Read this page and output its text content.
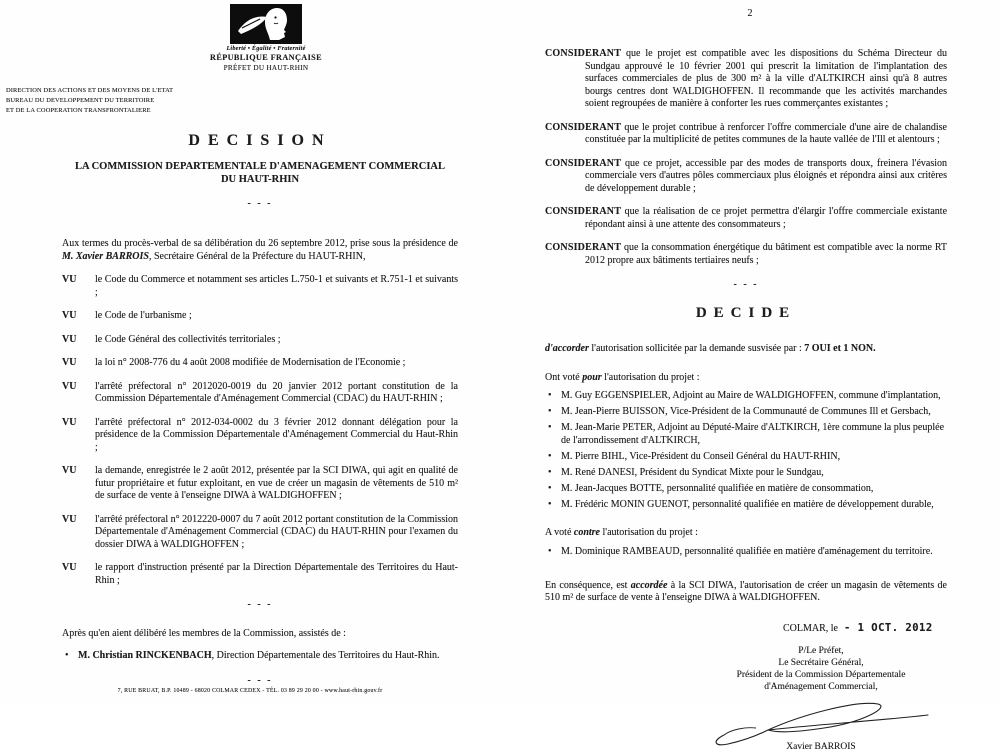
Liberté • Égalité • Fraternité
RÉPUBLIQUE FRANÇAISE
PRÉFET DU HAUT-RHIN
DIRECTION DES ACTIONS ET DES MOYENS DE L'ETAT
BUREAU DU DEVELOPPEMENT DU TERRITOIRE
ET DE LA COOPERATION TRANSFRONTALIERE
DECISION
LA COMMISSION DEPARTEMENTALE D'AMENAGEMENT COMMERCIAL
DU HAUT-RHIN
- - -

Aux termes du procès-verbal de sa délibération du 26 septembre 2012, prise sous la présidence de M. Xavier BARROIS, Secrétaire Général de la Préfecture du HAUT-RHIN,

VU	le Code du Commerce et notamment ses articles L.750-1 et suivants et R.751-1 et suivants ;
VU	le Code de l'urbanisme ;
VU	le Code Général des collectivités territoriales ;
VU	la loi n° 2008-776 du 4 août 2008 modifiée de Modernisation de l'Economie ;
VU	l'arrêté préfectoral n° 2012020-0019 du 20 janvier 2012 portant constitution de la Commission Départementale d'Aménagement Commercial (CDAC) du HAUT-RHIN ;
VU	l'arrêté préfectoral n° 2012-034-0002 du 3 février 2012 donnant délégation pour la présidence de la Commission Départementale d'Aménagement Commercial du Haut-Rhin ;
VU	la demande, enregistrée le 2 août 2012, présentée par la SCI DIWA, qui agit en qualité de futur propriétaire et futur exploitant, en vue de créer un magasin de vêtements de 510 m² de surface de vente à l'enseigne DIWA à WALDIGHOFFEN ;
VU	l'arrêté préfectoral n° 2012220-0007 du 7 août 2012 portant constitution de la Commission Départementale d'Aménagement Commercial (CDAC) du HAUT-RHIN pour l'examen du dossier DIWA à WALDIGHOFFEN ;
VU	le rapport d'instruction présenté par la Direction Départementale des Territoires du Haut-Rhin ;
- - -

Après qu'en aient délibéré les membres de la Commission, assistés de :

• M. Christian RINCKENBACH, Direction Départementale des Territoires du Haut-Rhin.
- - -
7, RUE BRUAT, B.P. 10489 - 68020 COLMAR CEDEX - TÉL. 03 89 29 20 00 - www.haut-rhin.gouv.fr
2

CONSIDERANT que le projet est compatible avec les dispositions du Schéma Directeur du Sundgau approuvé le 10 février 2001 qui prescrit la limitation de l'implantation des surfaces commerciales de plus de 300 m² à la ville d'ALTKIRCH ainsi qu'à 8 autres bourgs centres dont WALDIGHOFFEN. Il recommande que les activités marchandes soient regroupées de manière à conforter les rues commerçantes existantes ;

CONSIDERANT que le projet contribue à renforcer l'offre commerciale d'une aire de chalandise constituée par la multiplicité de petites communes de la haute vallée de l'Ill et alentours ;

CONSIDERANT que ce projet, accessible par des modes de transports doux, freinera l'évasion commerciale vers d'autres pôles commerciaux plus éloignés et répondra ainsi aux critères de développement durable ;

CONSIDERANT que la réalisation de ce projet permettra d'élargir l'offre commerciale existante répondant ainsi à une attente des consommateurs ;

CONSIDERANT que la consommation énergétique du bâtiment est compatible avec la norme RT 2012 propre aux bâtiments tertiaires neufs ;

- - -
DECIDE

d'accorder l'autorisation sollicitée par la demande susvisée par : 7 OUI et 1 NON.

Ont voté pour l'autorisation du projet :

• M. Guy EGGENSPIELER, Adjoint au Maire de WALDIGHOFFEN, commune d'implantation,
• M. Jean-Pierre BUISSON, Vice-Président de la Communauté de Communes Ill et Gersbach,
• M. Jean-Marie PETER, Adjoint au Député-Maire d'ALTKIRCH, 1ère commune la plus peuplée de l'arrondissement d'ALTKIRCH,
• M. Pierre BIHL, Vice-Président du Conseil Général du HAUT-RHIN,
• M. René DANESI, Président du Syndicat Mixte pour le Sundgau,
• M. Jean-Jacques BOTTE, personnalité qualifiée en matière de consommation,
• M. Frédéric MONIN GUENOT, personnalité qualifiée en matière de développement durable,

A voté contre l'autorisation du projet :

• M. Dominique RAMBEAUD, personnalité qualifiée en matière d'aménagement du territoire.

En conséquence, est accordée à la SCI DIWA, l'autorisation de créer un magasin de vêtements de 510 m² de surface de vente à l'enseigne DIWA à WALDIGHOFFEN.

COLMAR, le - 1 OCT. 2012
P/Le Préfet,
Le Secrétaire Général,
Président de la Commission Départementale
d'Aménagement Commercial,
Xavier BARROIS
